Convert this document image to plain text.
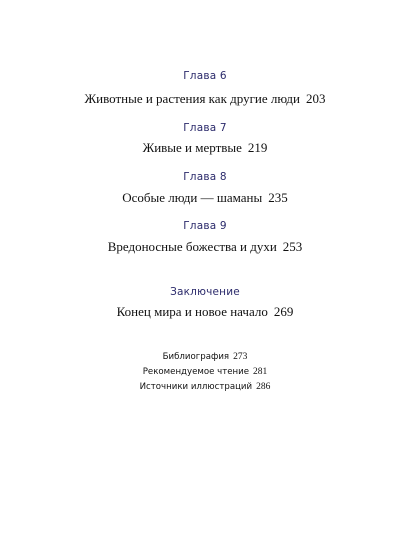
Глава 6
Животные и растения как другие люди 203
Глава 7
Живые и мертвые 219
Глава 8
Особые люди — шаманы 235
Глава 9
Вредоносные божества и духи 253
Заключение
Конец мира и новое начало 269
Библиография 273
Рекомендуемое чтение 281
Источники иллюстраций 286
